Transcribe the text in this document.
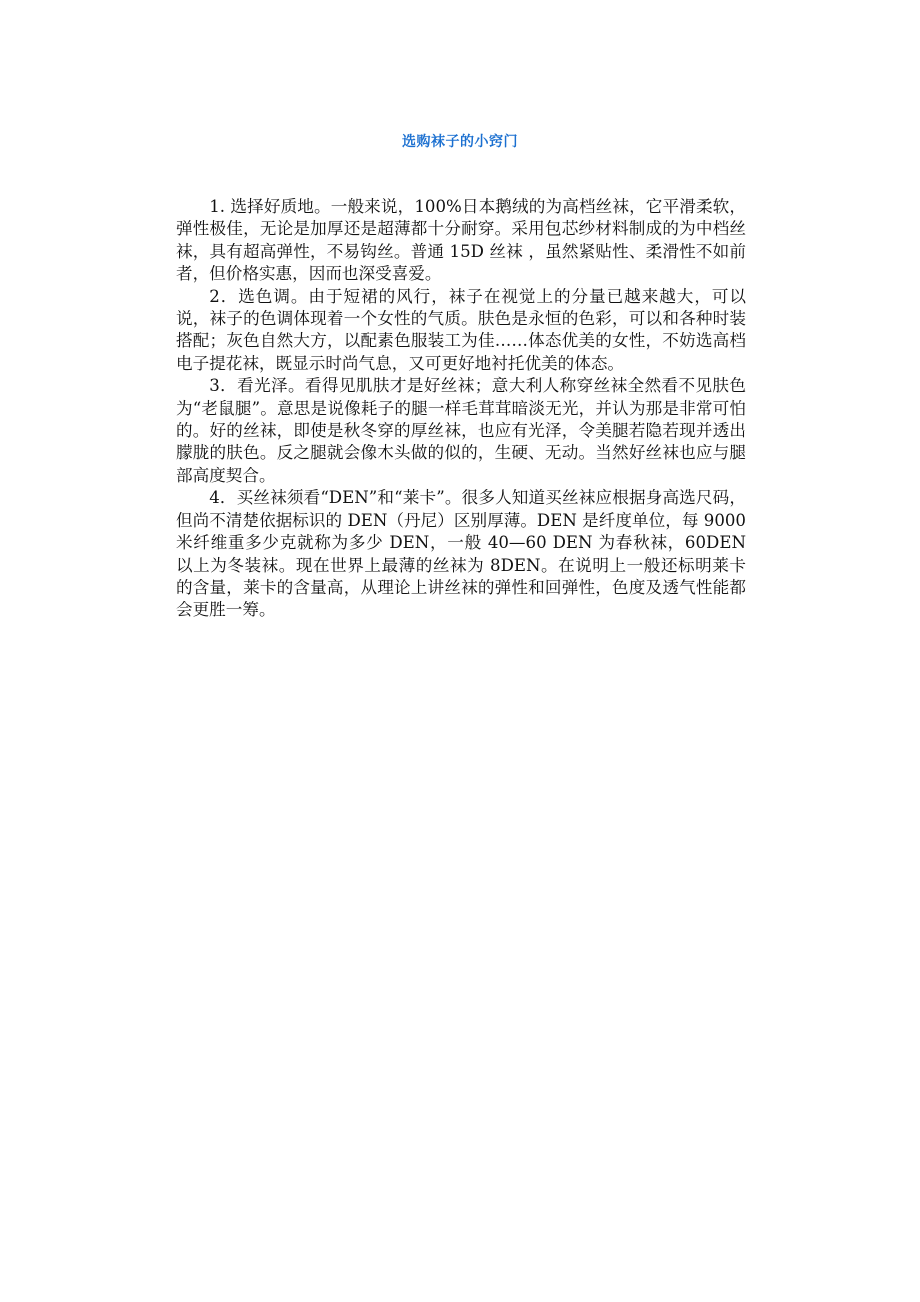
选购袜子的小窍门

1. 选择好质地。一般来说，100%日本鹅绒的为高档丝袜，它平滑柔软，弹性极佳，无论是加厚还是超薄都十分耐穿。采用包芯纱材料制成的为中档丝袜，具有超高弹性，不易钩丝。普通 15D 丝袜 ，虽然紧贴性、柔滑性不如前者，但价格实惠，因而也深受喜爱。

2．选色调。由于短裙的风行，袜子在视觉上的分量已越来越大，可以说，袜子的色调体现着一个女性的气质。肤色是永恒的色彩，可以和各种时装搭配；灰色自然大方，以配素色服装工为佳……体态优美的女性，不妨选高档电子提花袜，既显示时尚气息，又可更好地衬托优美的体态。

3．看光泽。看得见肌肤才是好丝袜；意大利人称穿丝袜全然看不见肤色为“老鼠腿”。意思是说像耗子的腿一样毛茸茸暗淡无光，并认为那是非常可怕的。好的丝袜，即使是秋冬穿的厚丝袜，也应有光泽，令美腿若隐若现并透出朦胧的肤色。反之腿就会像木头做的似的，生硬、无动。当然好丝袜也应与腿部高度契合。

4．买丝袜须看“DEN”和“莱卡”。很多人知道买丝袜应根据身高选尺码，但尚不清楚依据标识的 DEN（丹尼）区别厚薄。DEN 是纤度单位，每 9000 米纤维重多少克就称为多少 DEN，一般 40—60 DEN 为春秋袜，60DEN 以上为冬装袜。现在世界上最薄的丝袜为 8DEN。在说明上一般还标明莱卡的含量，莱卡的含量高，从理论上讲丝袜的弹性和回弹性，色度及透气性能都会更胜一筹。
